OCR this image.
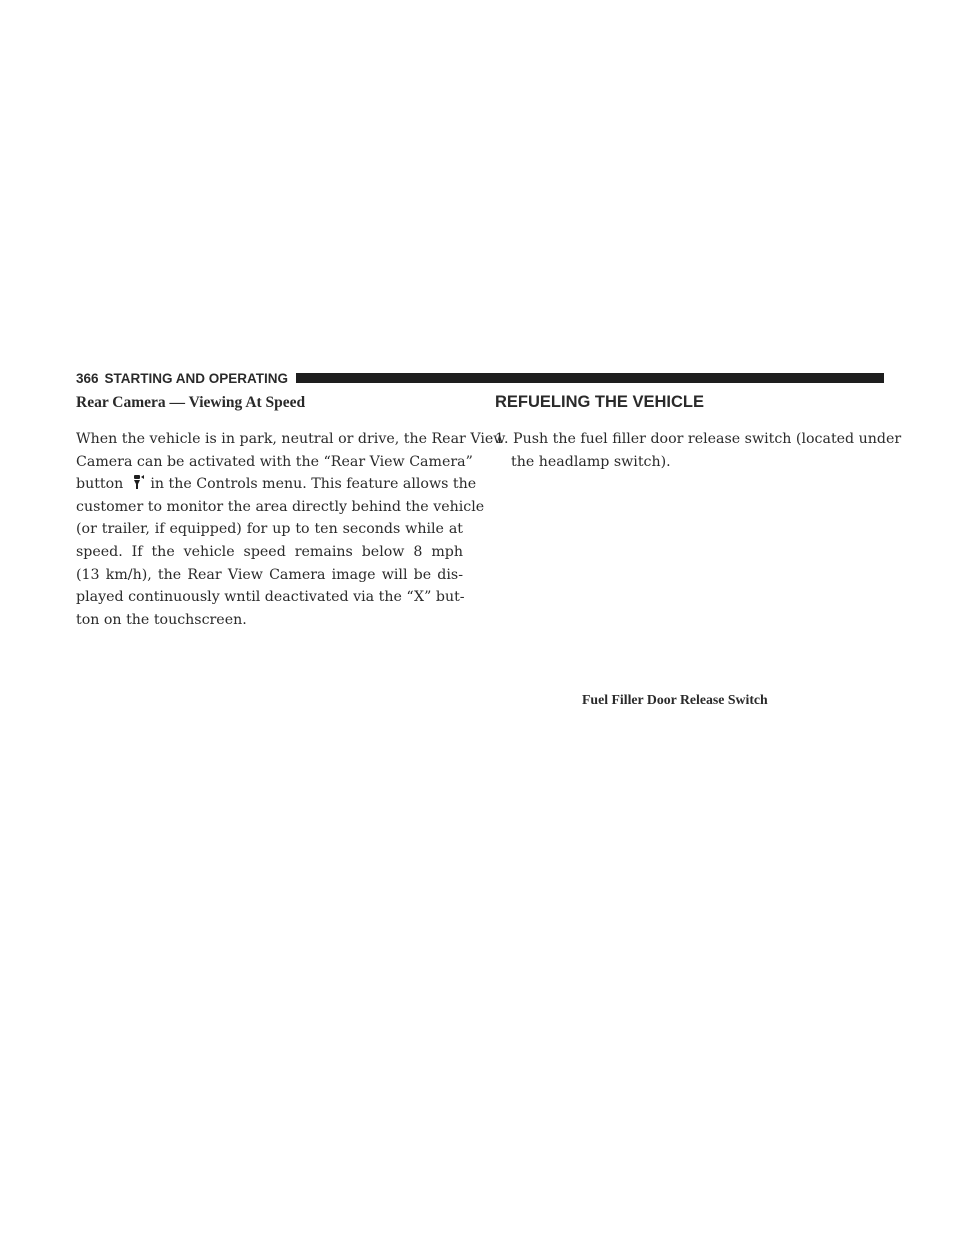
366 STARTING AND OPERATING
Rear Camera — Viewing At Speed

When the vehicle is in park, neutral or drive, the Rear View
Camera can be activated with the “Rear View Camera”
button in the Controls menu. This feature allows the
customer to monitor the area directly behind the vehicle
(or trailer, if equipped) for up to ten seconds while at
speed. If the vehicle speed remains below 8 mph
(13 km/h), the Rear View Camera image will be dis-
played continuously wntil deactivated via the “X” but-
ton on the touchscreen.

REFUELING THE VEHICLE

1. Push the fuel filler door release switch (located under
the headlamp switch).

Fuel Filler Door Release Switch
